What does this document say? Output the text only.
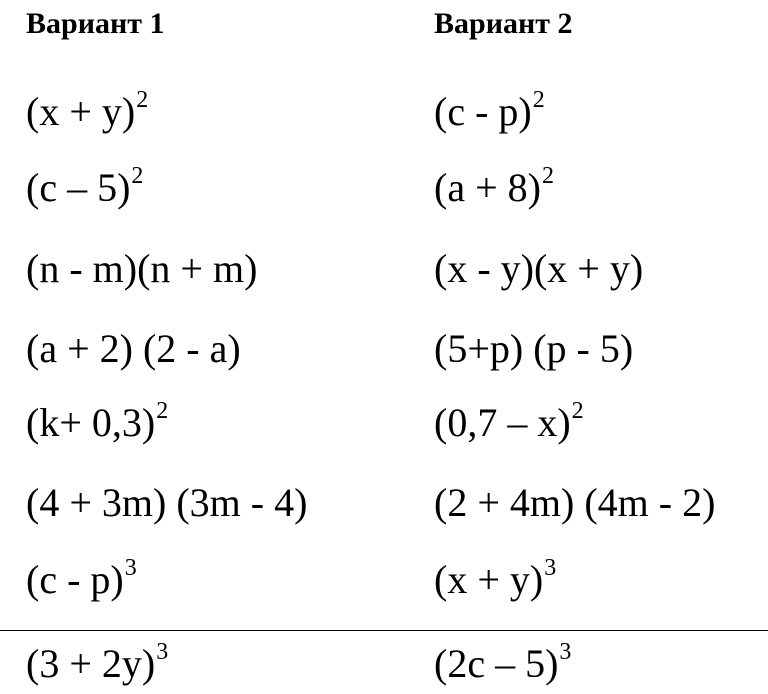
Вариант 1
$(x + y)^2$
(c – 5)$^2$
(n - m)(n + m)
(a + 2) (2 - a)
$(k+ 0,3)^2$
(4 + 3m) (3m - 4)
(c - p)$^3$
$(3 + 2y)^3$
Вариант 2
(c - p)$^2$
$(a + 8)^2$
(x - y)(x + y)
(5+p) (p - 5)
(0,7 – x)$^2$
(2 + 4m) (4m - 2)
$(x + y)^3$
(2c – 5)$^3$
